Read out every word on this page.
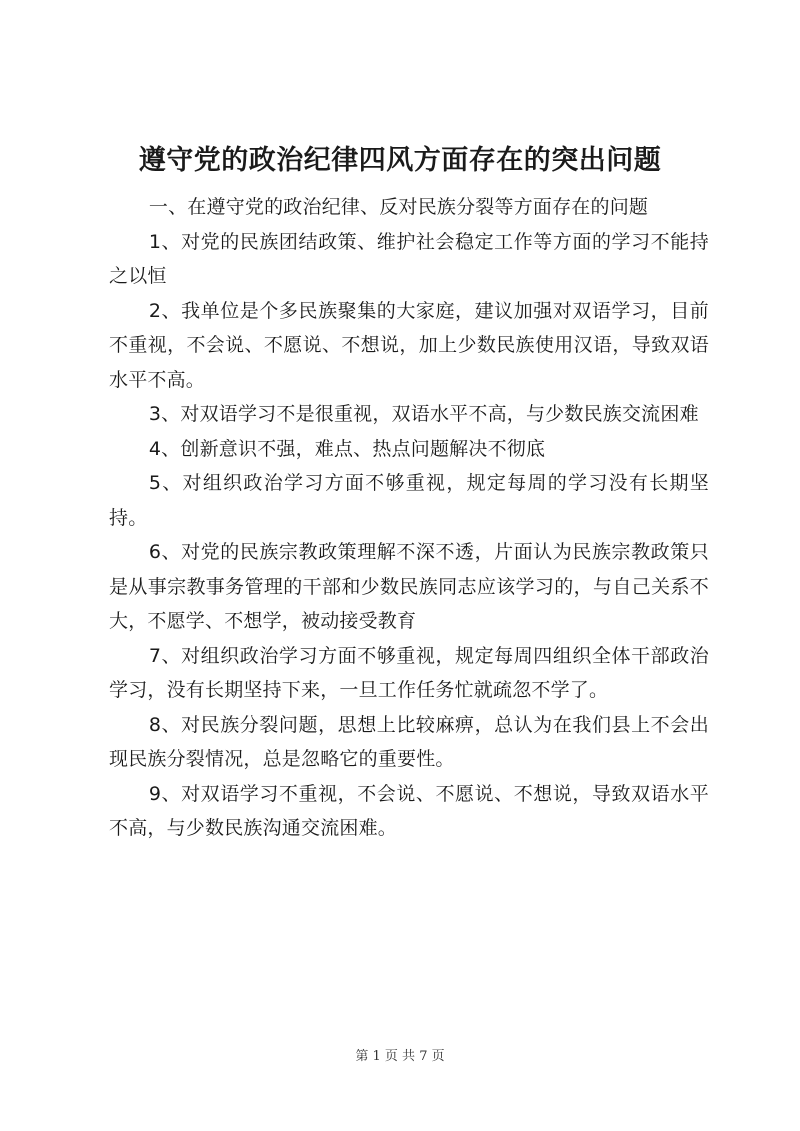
遵守党的政治纪律四风方面存在的突出问题

一、在遵守党的政治纪律、反对民族分裂等方面存在的问题

1、对党的民族团结政策、维护社会稳定工作等方面的学习不能持之以恒

2、我单位是个多民族聚集的大家庭，建议加强对双语学习，目前不重视，不会说、不愿说、不想说，加上少数民族使用汉语，导致双语水平不高。

3、对双语学习不是很重视，双语水平不高，与少数民族交流困难

4、创新意识不强，难点、热点问题解决不彻底

5、对组织政治学习方面不够重视，规定每周的学习没有长期坚持。

6、对党的民族宗教政策理解不深不透，片面认为民族宗教政策只是从事宗教事务管理的干部和少数民族同志应该学习的，与自己关系不大，不愿学、不想学，被动接受教育

7、对组织政治学习方面不够重视，规定每周四组织全体干部政治学习，没有长期坚持下来，一旦工作任务忙就疏忽不学了。

8、对民族分裂问题，思想上比较麻痹，总认为在我们县上不会出现民族分裂情况，总是忽略它的重要性。

9、对双语学习不重视，不会说、不愿说、不想说，导致双语水平不高，与少数民族沟通交流困难。

第 1 页 共 7 页
